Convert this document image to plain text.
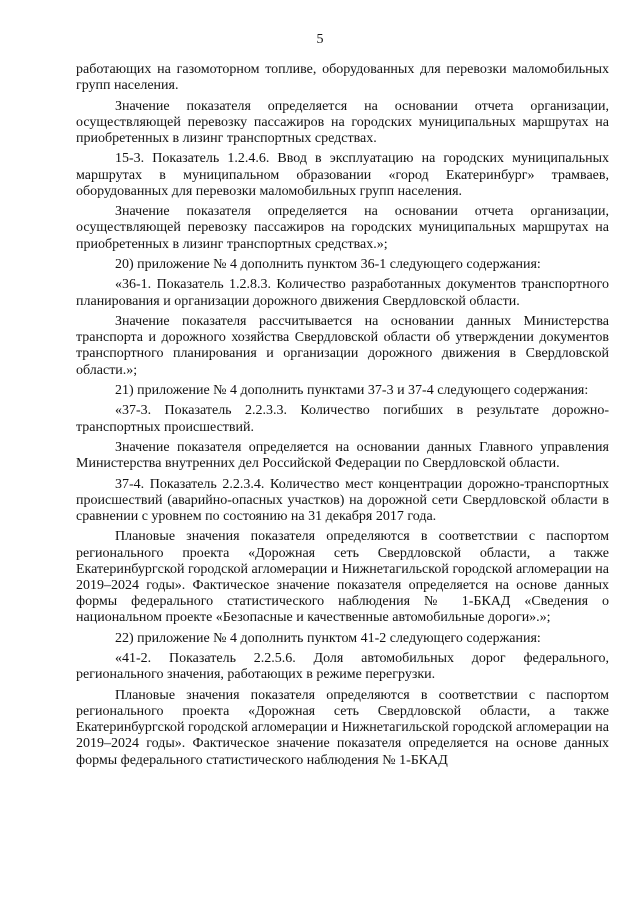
5

работающих на газомоторном топливе, оборудованных для перевозки маломобильных групп населения.

Значение показателя определяется на основании отчета организации, осуществляющей перевозку пассажиров на городских муниципальных маршрутах на приобретенных в лизинг транспортных средствах.

15-3. Показатель 1.2.4.6. Ввод в эксплуатацию на городских муниципальных маршрутах в муниципальном образовании «город Екатеринбург» трамваев, оборудованных для перевозки маломобильных групп населения.

Значение показателя определяется на основании отчета организации, осуществляющей перевозку пассажиров на городских муниципальных маршрутах на приобретенных в лизинг транспортных средствах.»;

20) приложение № 4 дополнить пунктом 36-1 следующего содержания:

«36-1. Показатель 1.2.8.3. Количество разработанных документов транспортного планирования и организации дорожного движения Свердловской области.

Значение показателя рассчитывается на основании данных Министерства транспорта и дорожного хозяйства Свердловской области об утверждении документов транспортного планирования и организации дорожного движения в Свердловской области.»;

21) приложение № 4 дополнить пунктами 37-3 и 37-4 следующего содержания:

«37-3. Показатель 2.2.3.3. Количество погибших в результате дорожно-транспортных происшествий.

Значение показателя определяется на основании данных Главного управления Министерства внутренних дел Российской Федерации по Свердловской области.

37-4. Показатель 2.2.3.4. Количество мест концентрации дорожно-транспортных происшествий (аварийно-опасных участков) на дорожной сети Свердловской области в сравнении с уровнем по состоянию на 31 декабря 2017 года.

Плановые значения показателя определяются в соответствии с паспортом регионального проекта «Дорожная сеть Свердловской области, а также Екатеринбургской городской агломерации и Нижнетагильской городской агломерации на 2019–2024 годы». Фактическое значение показателя определяется на основе данных формы федерального статистического наблюдения № 1-БКАД «Сведения о национальном проекте «Безопасные и качественные автомобильные дороги».»;

22) приложение № 4 дополнить пунктом 41-2 следующего содержания:

«41-2. Показатель 2.2.5.6. Доля автомобильных дорог федерального, регионального значения, работающих в режиме перегрузки.

Плановые значения показателя определяются в соответствии с паспортом регионального проекта «Дорожная сеть Свердловской области, а также Екатеринбургской городской агломерации и Нижнетагильской городской агломерации на 2019–2024 годы». Фактическое значение показателя определяется на основе данных формы федерального статистического наблюдения № 1-БКАД
